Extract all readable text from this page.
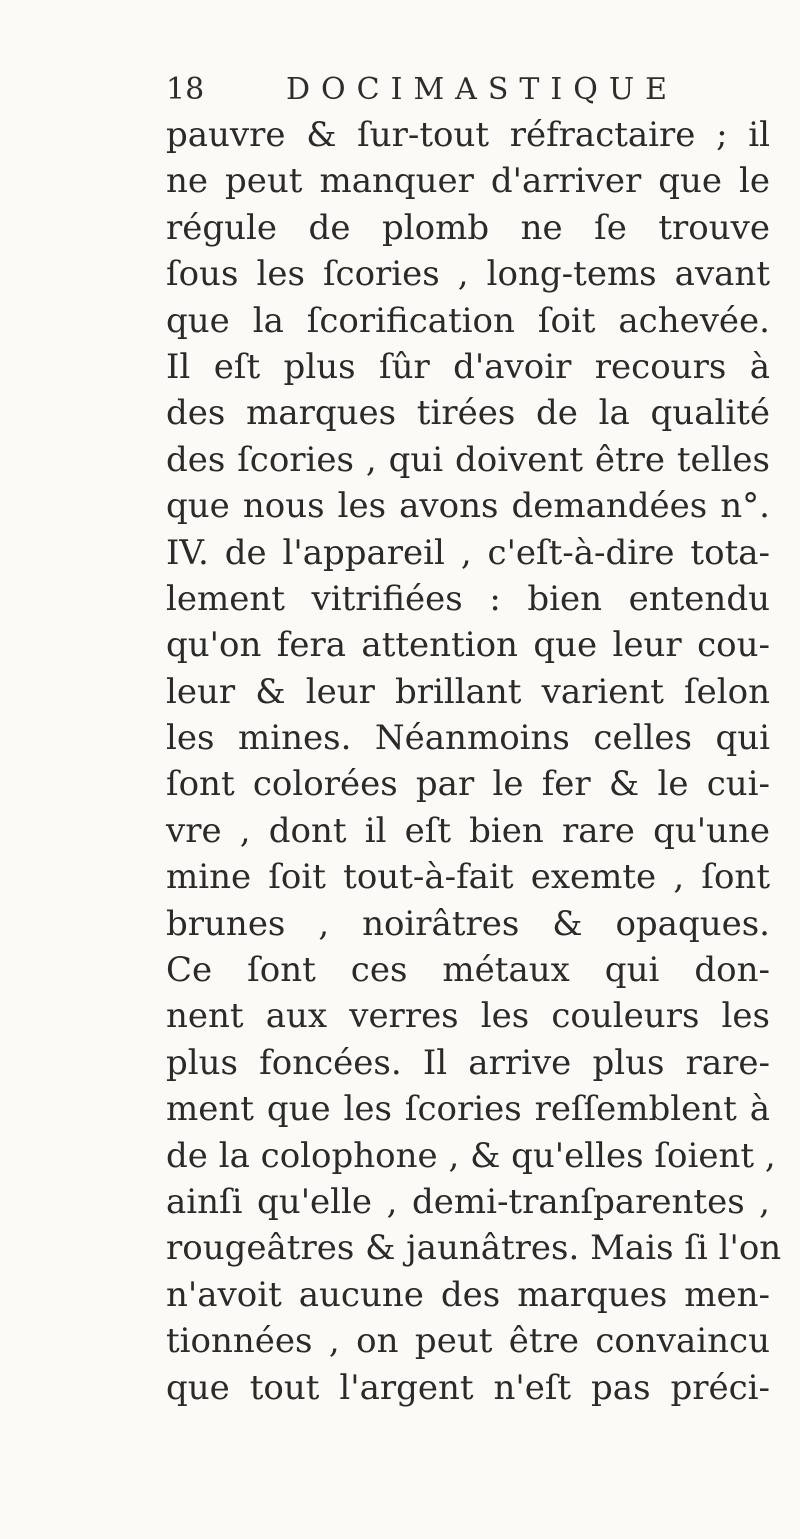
18	DOCIMASTIQUE
pauvre & ſur-tout réfractaire ; il
ne peut manquer d'arriver que le
régule de plomb ne ſe trouve
ſous les ſcories , long-tems avant
que la ſcorification ſoit achevée.
Il eſt plus ſûr d'avoir recours à
des marques tirées de la qualité
des ſcories , qui doivent être telles
que nous les avons demandées n°.
IV. de l'appareil , c'eſt-à-dire tota-
lement vitrifiées : bien entendu
qu'on fera attention que leur cou-
leur & leur brillant varient ſelon
les mines. Néanmoins celles qui
ſont colorées par le fer & le cui-
vre , dont il eſt bien rare qu'une
mine ſoit tout-à-fait exemte , ſont
brunes , noirâtres & opaques.
Ce ſont ces métaux qui don-
nent aux verres les couleurs les
plus foncées. Il arrive plus rare-
ment que les ſcories reſſemblent à
de la colophone , & qu'elles ſoient ,
ainſi qu'elle , demi-tranſparentes ,
rougeâtres & jaunâtres. Mais ſi l'on
n'avoit aucune des marques men-
tionnées , on peut être convaincu
que tout l'argent n'eſt pas préci-
